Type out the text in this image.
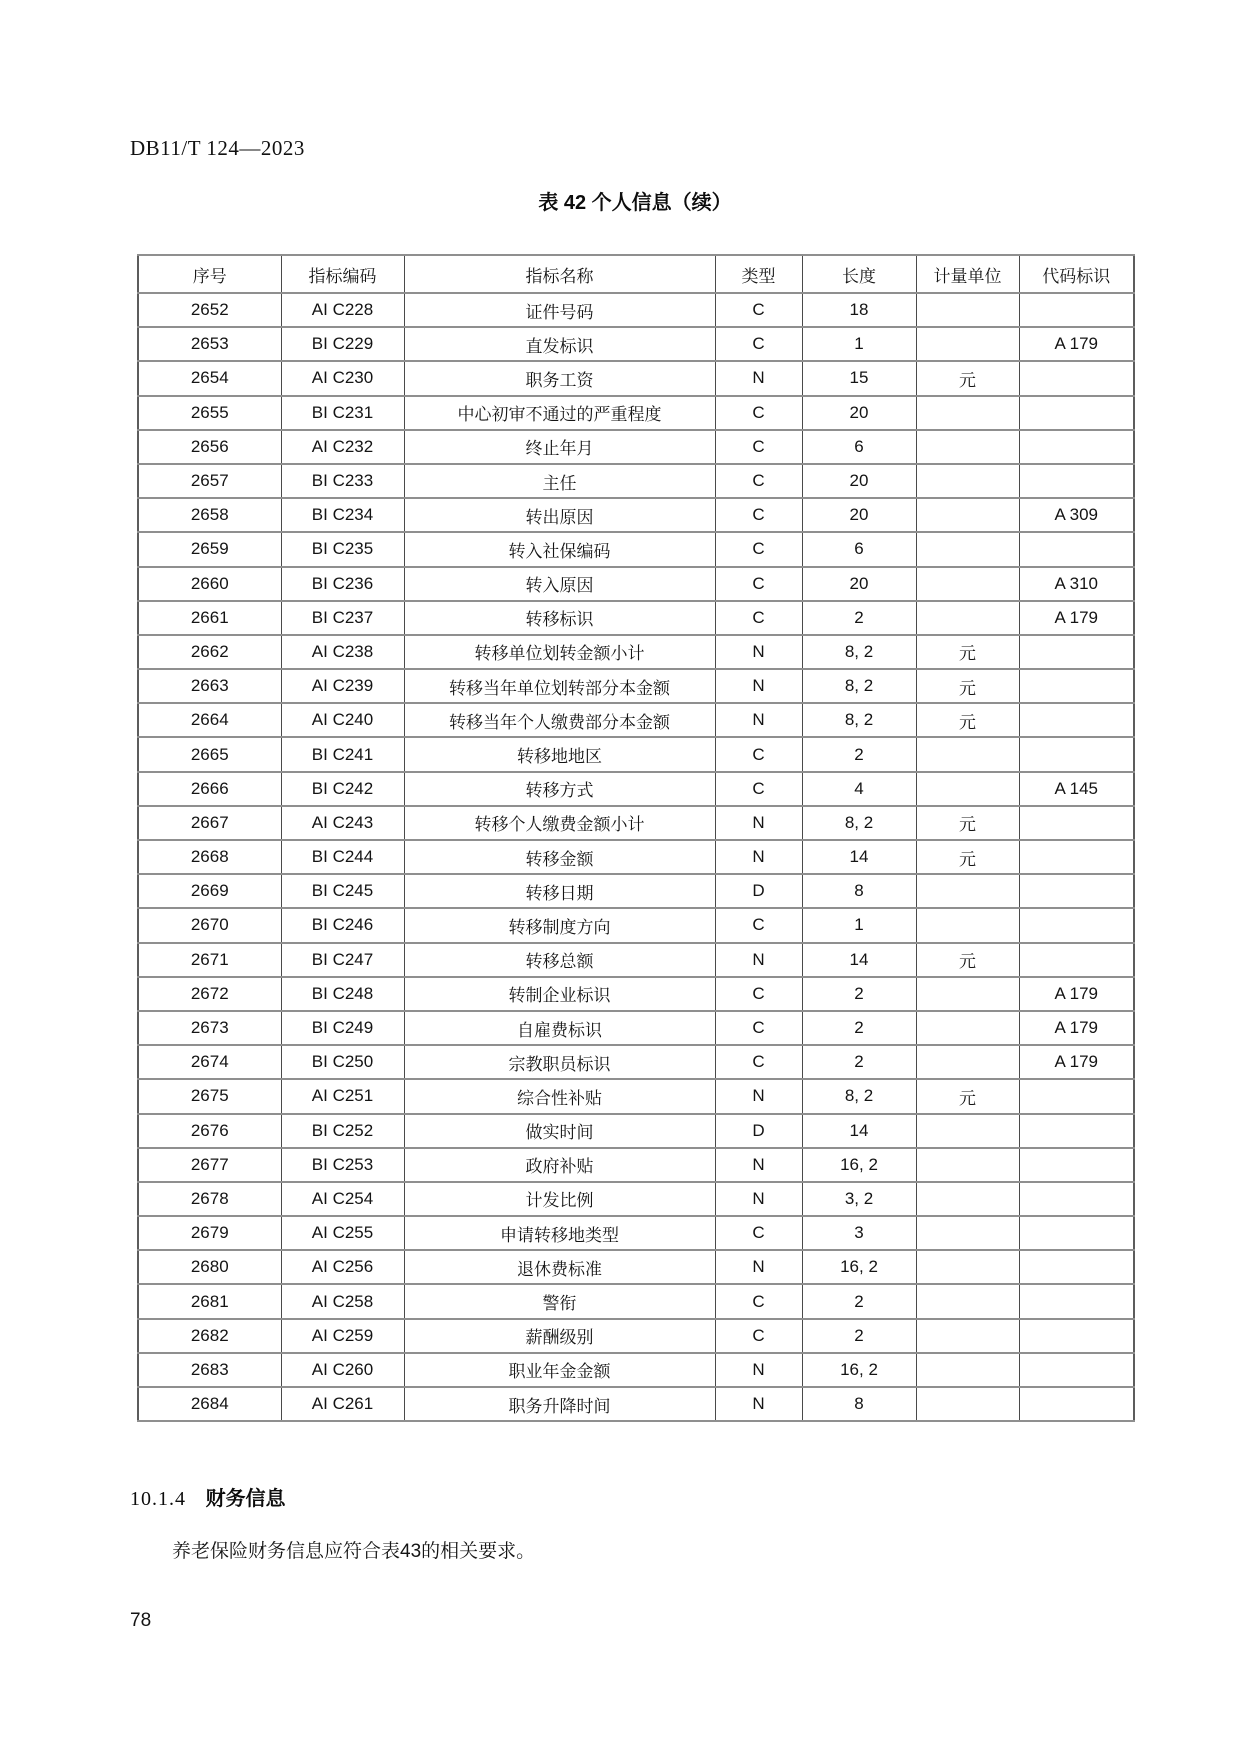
DB11/T 124—2023
表 42 个人信息（续）
序号	指标编码	指标名称	类型	长度	计量单位	代码标识
2652	AI C228	证件号码	C	18		
2653	BI C229	直发标识	C	1		A 179
2654	AI C230	职务工资	N	15	元	
2655	BI C231	中心初审不通过的严重程度	C	20		
2656	AI C232	终止年月	C	6		
2657	BI C233	主任	C	20		
2658	BI C234	转出原因	C	20		A 309
2659	BI C235	转入社保编码	C	6		
2660	BI C236	转入原因	C	20		A 310
2661	BI C237	转移标识	C	2		A 179
2662	AI C238	转移单位划转金额小计	N	8, 2	元	
2663	AI C239	转移当年单位划转部分本金额	N	8, 2	元	
2664	AI C240	转移当年个人缴费部分本金额	N	8, 2	元	
2665	BI C241	转移地地区	C	2		
2666	BI C242	转移方式	C	4		A 145
2667	AI C243	转移个人缴费金额小计	N	8, 2	元	
2668	BI C244	转移金额	N	14	元	
2669	BI C245	转移日期	D	8		
2670	BI C246	转移制度方向	C	1		
2671	BI C247	转移总额	N	14	元	
2672	BI C248	转制企业标识	C	2		A 179
2673	BI C249	自雇费标识	C	2		A 179
2674	BI C250	宗教职员标识	C	2		A 179
2675	AI C251	综合性补贴	N	8, 2	元	
2676	BI C252	做实时间	D	14		
2677	BI C253	政府补贴	N	16, 2		
2678	AI C254	计发比例	N	3, 2		
2679	AI C255	申请转移地类型	C	3		
2680	AI C256	退休费标准	N	16, 2		
2681	AI C258	警衔	C	2		
2682	AI C259	薪酬级别	C	2		
2683	AI C260	职业年金金额	N	16, 2		
2684	AI C261	职务升降时间	N	8		
10.1.4 财务信息
养老保险财务信息应符合表43的相关要求。
78
